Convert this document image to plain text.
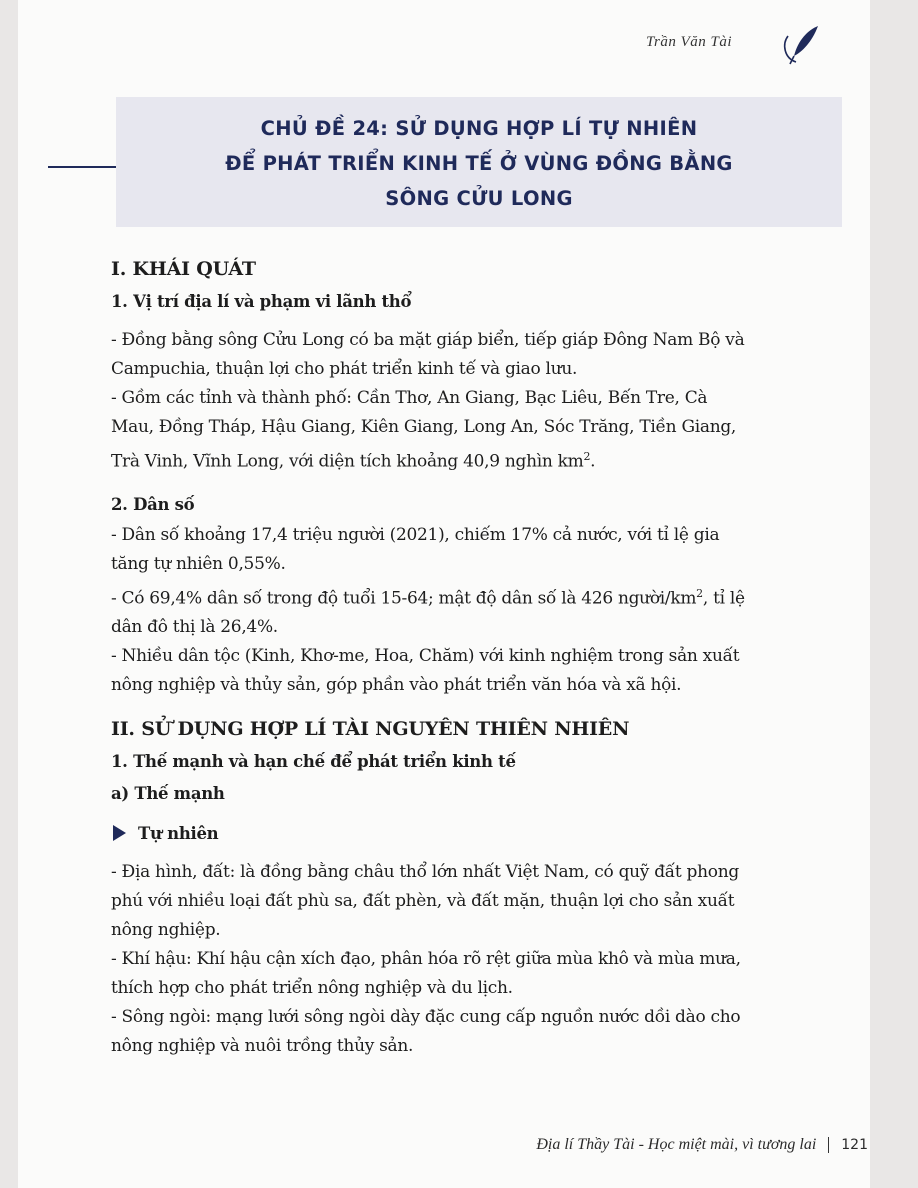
Trần Văn Tài
CHỦ ĐỀ 24: SỬ DỤNG HỢP LÍ TỰ NHIÊN
ĐỂ PHÁT TRIỂN KINH TẾ Ở VÙNG ĐỒNG BẰNG
SÔNG CỬU LONG
I. KHÁI QUÁT
1. Vị trí địa lí và phạm vi lãnh thổ

- Đồng bằng sông Cửu Long có ba mặt giáp biển, tiếp giáp Đông Nam Bộ và
Campuchia, thuận lợi cho phát triển kinh tế và giao lưu.

- Gồm các tỉnh và thành phố: Cần Thơ, An Giang, Bạc Liêu, Bến Tre, Cà
Mau, Đồng Tháp, Hậu Giang, Kiên Giang, Long An, Sóc Trăng, Tiền Giang,
Trà Vinh, Vĩnh Long, với diện tích khoảng 40,9 nghìn $km^2$.

2. Dân số

- Dân số khoảng 17,4 triệu người (2021), chiếm 17% cả nước, với tỉ lệ gia
tăng tự nhiên 0,55%.

- Có 69,4% dân số trong độ tuổi 15-64; mật độ dân số là 426 người/$km^2$, tỉ lệ
dân đô thị là 26,4%.

- Nhiều dân tộc (Kinh, Khơ-me, Hoa, Chăm) với kinh nghiệm trong sản xuất
nông nghiệp và thủy sản, góp phần vào phát triển văn hóa và xã hội.

II. SỬ DỤNG HỢP LÍ TÀI NGUYÊN THIÊN NHIÊN
1. Thế mạnh và hạn chế để phát triển kinh tế
a) Thế mạnh
Tự nhiên

- Địa hình, đất: là đồng bằng châu thổ lớn nhất Việt Nam, có quỹ đất phong
phú với nhiều loại đất phù sa, đất phèn, và đất mặn, thuận lợi cho sản xuất
nông nghiệp.

- Khí hậu: Khí hậu cận xích đạo, phân hóa rõ rệt giữa mùa khô và mùa mưa,
thích hợp cho phát triển nông nghiệp và du lịch.

- Sông ngòi: mạng lưới sông ngòi dày đặc cung cấp nguồn nước dồi dào cho
nông nghiệp và nuôi trồng thủy sản.

Địa lí Thầy Tài - Học miệt mài, vì tương lai 121
